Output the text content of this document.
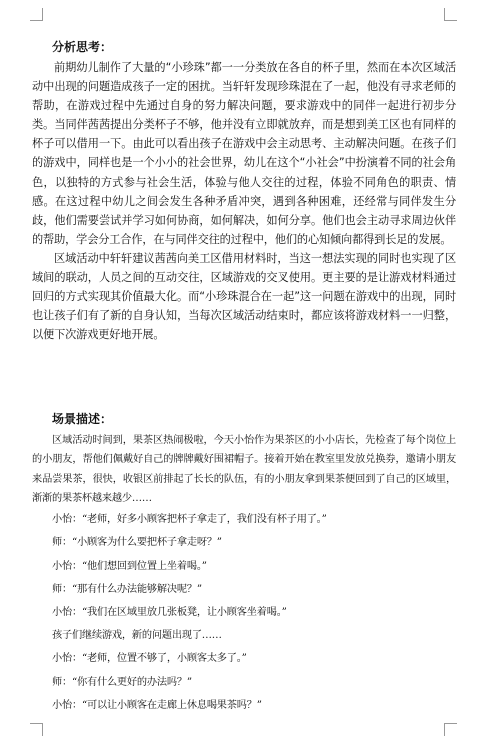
分析思考：

前期幼儿制作了大量的“小珍珠”都一一分类放在各自的杯子里，然而在本次区域活动中出现的问题造成孩子一定的困扰。当轩轩发现珍珠混在了一起，他没有寻求老师的帮助，在游戏过程中先通过自身的努力解决问题，要求游戏中的同伴一起进行初步分类。当同伴茜茜提出分类杯子不够，他并没有立即就放弃，而是想到美工区也有同样的杯子可以借用一下。由此可以看出孩子在游戏中会主动思考、主动解决问题。在孩子们的游戏中，同样也是一个小小的社会世界，幼儿在这个“小社会”中扮演着不同的社会角色，以独特的方式参与社会生活，体验与他人交往的过程，体验不同角色的职责、情感。在这过程中幼儿之间会发生各种矛盾冲突，遇到各种困难，还经常与同伴发生分歧，他们需要尝试并学习如何协商，如何解决，如何分享。他们也会主动寻求周边伙伴的帮助，学会分工合作，在与同伴交往的过程中，他们的心知倾向都得到长足的发展。

区域活动中轩轩建议茜茜向美工区借用材料时，当这一想法实现的同时也实现了区域间的联动，人员之间的互动交往，区域游戏的交叉使用。更主要的是让游戏材料通过回归的方式实现其价值最大化。而“小珍珠混合在一起”这一问题在游戏中的出现，同时也让孩子们有了新的自身认知，当每次区域活动结束时，都应该将游戏材料一一归整，以便下次游戏更好地开展。

场景描述：

区域活动时间到，果茶区热闹极啦，今天小怡作为果茶区的小小店长，先检查了每个岗位上的小朋友，帮他们佩戴好自己的牌牌戴好围裙帽子。接着开始在教室里发放兑换券，邀请小朋友来品尝果茶，很快，收银区前排起了长长的队伍，有的小朋友拿到果茶便回到了自己的区域里，渐渐的果茶杯越来越少……

小怡：“老师，好多小顾客把杯子拿走了，我们没有杯子用了。”
师：“小顾客为什么要把杯子拿走呀？”
小怡：“他们想回到位置上坐着喝。”
师：“那有什么办法能够解决呢？”
小怡：“我们在区域里放几张板凳，让小顾客坐着喝。”
孩子们继续游戏，新的问题出现了……
小怡：“老师，位置不够了，小顾客太多了。”
师：“你有什么更好的办法吗？”
小怡：“可以让小顾客在走廊上休息喝果茶吗？”
